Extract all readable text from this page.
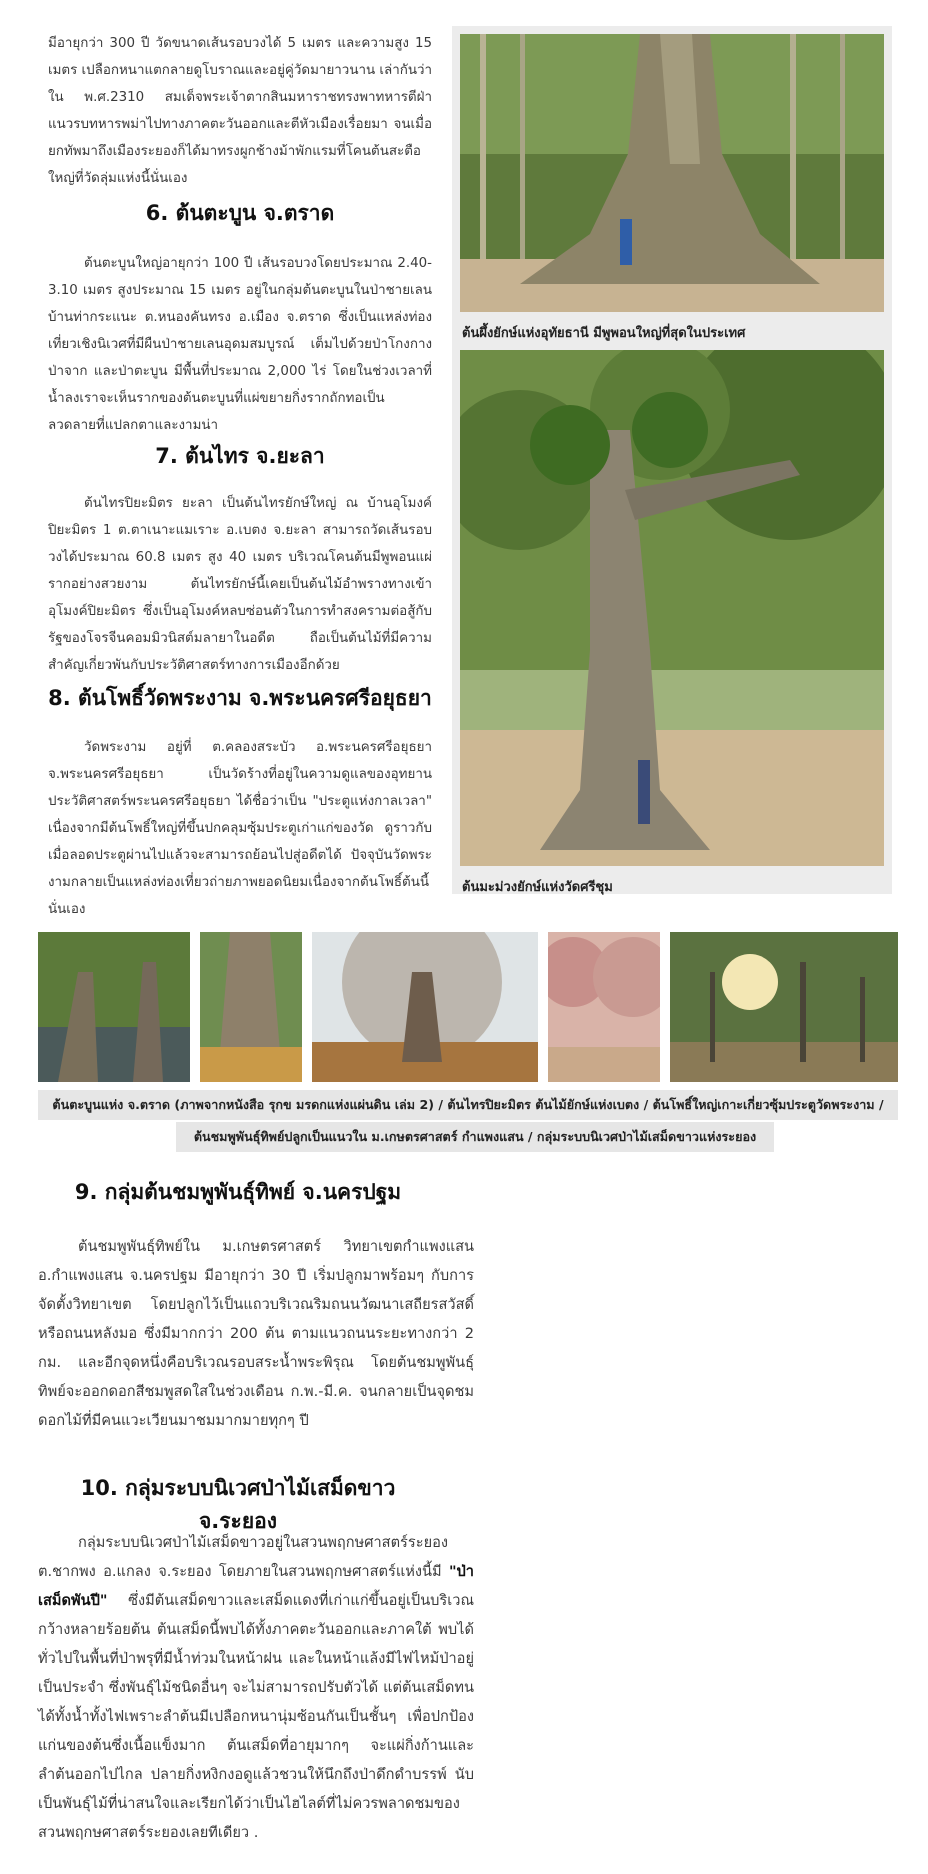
มีอายุกว่า 300 ปี วัดขนาดเส้นรอบวงได้ 5 เมตร และความสูง 15 เมตร เปลือกหนาแตกลายดูโบราณและอยู่คู่วัดมายาวนาน เล่ากันว่าใน พ.ศ.2310 สมเด็จพระเจ้าตากสินมหาราชทรงพาทหารตีฝ่าแนวรบทหารพม่าไปทางภาคตะวันออกและตีหัวเมืองเรื่อยมา จนเมื่อยกทัพมาถึงเมืองระยองก็ได้มาทรงผูกช้างม้าพักแรมที่โคนต้นสะตือใหญ่ที่วัดลุ่มแห่งนี้นั่นเอง

6. ต้นตะบูน จ.ตราด

ต้นตะบูนใหญ่อายุกว่า 100 ปี เส้นรอบวงโดยประมาณ 2.40-3.10 เมตร สูงประมาณ 15 เมตร อยู่ในกลุ่มต้นตะบูนในป่าชายเลนบ้านท่ากระแนะ ต.หนองคันทรง อ.เมือง จ.ตราด ซึ่งเป็นแหล่งท่องเที่ยวเชิงนิเวศที่มีผืนป่าชายเลนอุดมสมบูรณ์ เต็มไปด้วยป่าโกงกาง ป่าจาก และป่าตะบูน มีพื้นที่ประมาณ 2,000 ไร่ โดยในช่วงเวลาที่น้ำลงเราจะเห็นรากของต้นตะบูนที่แผ่ขยายกิ่งรากถักทอเป็นลวดลายที่แปลกตาและงามน่า

7. ต้นไทร จ.ยะลา

ต้นไทรปิยะมิตร ยะลา เป็นต้นไทรยักษ์ใหญ่ ณ บ้านอุโมงค์ปิยะมิตร 1 ต.ตาเนาะแมเราะ อ.เบตง จ.ยะลา สามารถวัดเส้นรอบวงได้ประมาณ 60.8 เมตร สูง 40 เมตร บริเวณโคนต้นมีพูพอนแผ่รากอย่างสวยงาม ต้นไทรยักษ์นี้เคยเป็นต้นไม้อำพรางทางเข้าอุโมงค์ปิยะมิตร ซึ่งเป็นอุโมงค์หลบซ่อนตัวในการทำสงครามต่อสู้กับรัฐของโจรจีนคอมมิวนิสต์มลายาในอดีต ถือเป็นต้นไม้ที่มีความสำคัญเกี่ยวพันกับประวัติศาสตร์ทางการเมืองอีกด้วย

8. ต้นโพธิ์วัดพระงาม จ.พระนครศรีอยุธยา

วัดพระงาม อยู่ที่ ต.คลองสระบัว อ.พระนครศรีอยุธยา จ.พระนครศรีอยุธยา เป็นวัดร้างที่อยู่ในความดูแลของอุทยานประวัติศาสตร์พระนครศรีอยุธยา ได้ชื่อว่าเป็น "ประตูแห่งกาลเวลา" เนื่องจากมีต้นโพธิ์ใหญ่ที่ขึ้นปกคลุมซุ้มประตูเก่าแก่ของวัด ดูราวกับเมื่อลอดประตูผ่านไปแล้วจะสามารถย้อนไปสู่อดีตได้ ปัจจุบันวัดพระงามกลายเป็นแหล่งท่องเที่ยวถ่ายภาพยอดนิยมเนื่องจากต้นโพธิ์ต้นนี้นั่นเอง

ต้นผึ้งยักษ์แห่งอุทัยธานี มีพูพอนใหญ่ที่สุดในประเทศ
ต้นมะม่วงยักษ์แห่งวัดศรีชุม
ต้นตะบูนแห่ง จ.ตราด (ภาพจากหนังสือ รุกข มรดกแห่งแผ่นดิน เล่ม 2) / ต้นไทรปิยะมิตร ต้นไม้ยักษ์แห่งเบตง / ต้นโพธิ์ใหญ่เกาะเกี่ยวซุ้มประตูวัดพระงาม /
ต้นชมพูพันธุ์ทิพย์ปลูกเป็นแนวใน ม.เกษตรศาสตร์ กำแพงแสน / กลุ่มระบบนิเวศป่าไม้เสม็ดขาวแห่งระยอง
9. กลุ่มต้นชมพูพันธุ์ทิพย์ จ.นครปฐม

ต้นชมพูพันธุ์ทิพย์ใน ม.เกษตรศาสตร์ วิทยาเขตกำแพงแสน อ.กำแพงแสน จ.นครปฐม มีอายุกว่า 30 ปี เริ่มปลูกมาพร้อมๆ กับการจัดตั้งวิทยาเขต โดยปลูกไว้เป็นแถวบริเวณริมถนนวัฒนาเสถียรสวัสดิ์ หรือถนนหลังมอ ซึ่งมีมากกว่า 200 ต้น ตามแนวถนนระยะทางกว่า 2 กม. และอีกจุดหนึ่งคือบริเวณรอบสระน้ำพระพิรุณ โดยต้นชมพูพันธุ์ทิพย์จะออกดอกสีชมพูสดใสในช่วงเดือน ก.พ.-มี.ค. จนกลายเป็นจุดชมดอกไม้ที่มีคนแวะเวียนมาชมมากมายทุกๆ ปี

10. กลุ่มระบบนิเวศป่าไม้เสม็ดขาว จ.ระยอง

กลุ่มระบบนิเวศป่าไม้เสม็ดขาวอยู่ในสวนพฤกษศาสตร์ระยอง ต.ชากพง อ.แกลง จ.ระยอง โดยภายในสวนพฤกษศาสตร์แห่งนี้มี "ป่าเสม็ดพันปี" ซึ่งมีต้นเสม็ดขาวและเสม็ดแดงที่เก่าแก่ขึ้นอยู่เป็นบริเวณกว้างหลายร้อยต้น ต้นเสม็ดนี้พบได้ทั้งภาคตะวันออกและภาคใต้ พบได้ทั่วไปในพื้นที่ป่าพรุที่มีน้ำท่วมในหน้าฝน และในหน้าแล้งมีไฟไหม้ป่าอยู่เป็นประจำ ซึ่งพันธุ์ไม้ชนิดอื่นๆ จะไม่สามารถปรับตัวได้ แต่ต้นเสม็ดทนได้ทั้งน้ำทั้งไฟเพราะลำต้นมีเปลือกหนานุ่มซ้อนกันเป็นชั้นๆ เพื่อปกป้องแก่นของต้นซึ่งเนื้อแข็งมาก ต้นเสม็ดที่อายุมากๆ จะแผ่กิ่งก้านและลำต้นออกไปไกล ปลายกิ่งหงิกงอดูแล้วชวนให้นึกถึงป่าดึกดำบรรพ์ นับเป็นพันธุ์ไม้ที่น่าสนใจและเรียกได้ว่าเป็นไฮไลต์ที่ไม่ควรพลาดชมของสวนพฤกษศาสตร์ระยองเลยทีเดียว .
